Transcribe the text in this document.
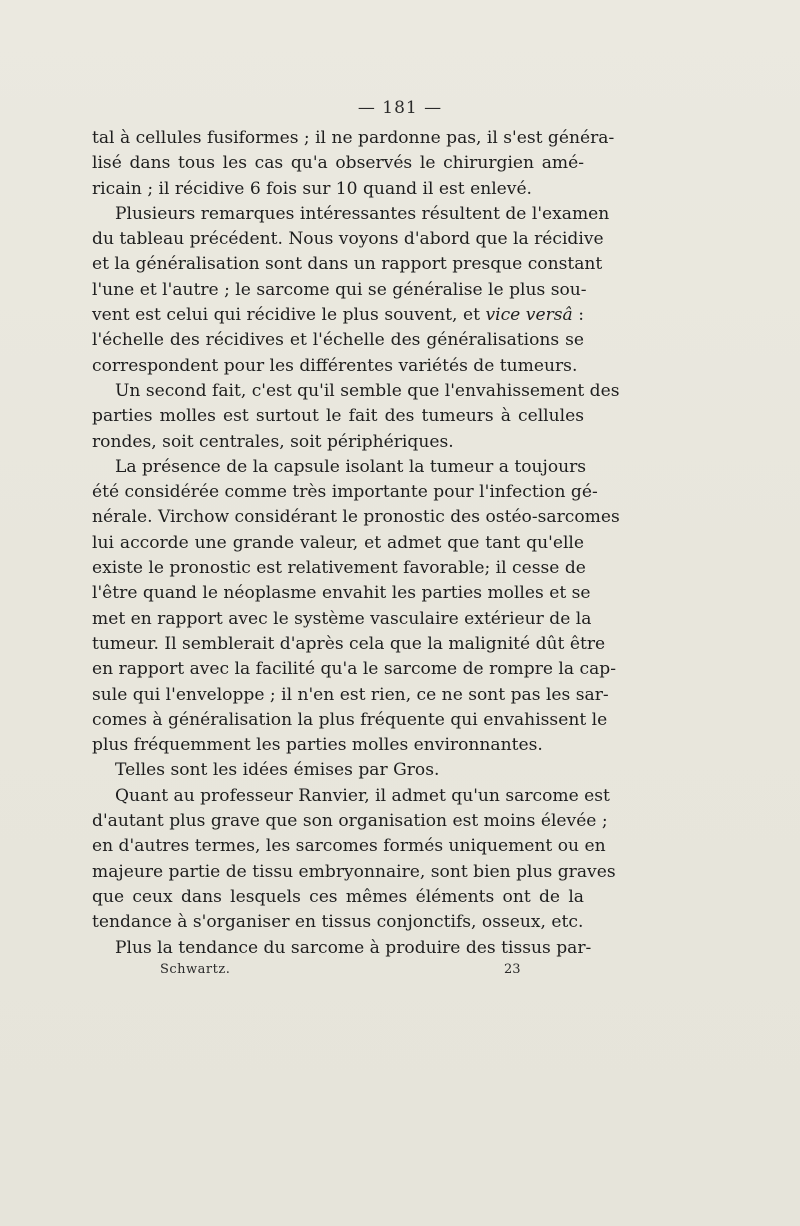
— 181 —
tal à cellules fusiformes ; il ne pardonne pas, il s'est généra-
lisé dans tous les cas qu'a observés le chirurgien amé-
ricain ; il récidive 6 fois sur 10 quand il est enlevé.
Plusieurs remarques intéressantes résultent de l'examen
du tableau précédent. Nous voyons d'abord que la récidive
et la généralisation sont dans un rapport presque constant
l'une et l'autre ; le sarcome qui se généralise le plus sou-
vent est celui qui récidive le plus souvent, et vice versâ :
l'échelle des récidives et l'échelle des généralisations se
correspondent pour les différentes variétés de tumeurs.
Un second fait, c'est qu'il semble que l'envahissement des
parties molles est surtout le fait des tumeurs à cellules
rondes, soit centrales, soit périphériques.
La présence de la capsule isolant la tumeur a toujours
été considérée comme très importante pour l'infection gé-
nérale. Virchow considérant le pronostic des ostéo-sarcomes
lui accorde une grande valeur, et admet que tant qu'elle
existe le pronostic est relativement favorable; il cesse de
l'être quand le néoplasme envahit les parties molles et se
met en rapport avec le système vasculaire extérieur de la
tumeur. Il semblerait d'après cela que la malignité dût être
en rapport avec la facilité qu'a le sarcome de rompre la cap-
sule qui l'enveloppe ; il n'en est rien, ce ne sont pas les sar-
comes à généralisation la plus fréquente qui envahissent le
plus fréquemment les parties molles environnantes.
Telles sont les idées émises par Gros.
Quant au professeur Ranvier, il admet qu'un sarcome est
d'autant plus grave que son organisation est moins élevée ;
en d'autres termes, les sarcomes formés uniquement ou en
majeure partie de tissu embryonnaire, sont bien plus graves
que ceux dans lesquels ces mêmes éléments ont de la
tendance à s'organiser en tissus conjonctifs, osseux, etc.
Plus la tendance du sarcome à produire des tissus par-
Schwartz.	23
